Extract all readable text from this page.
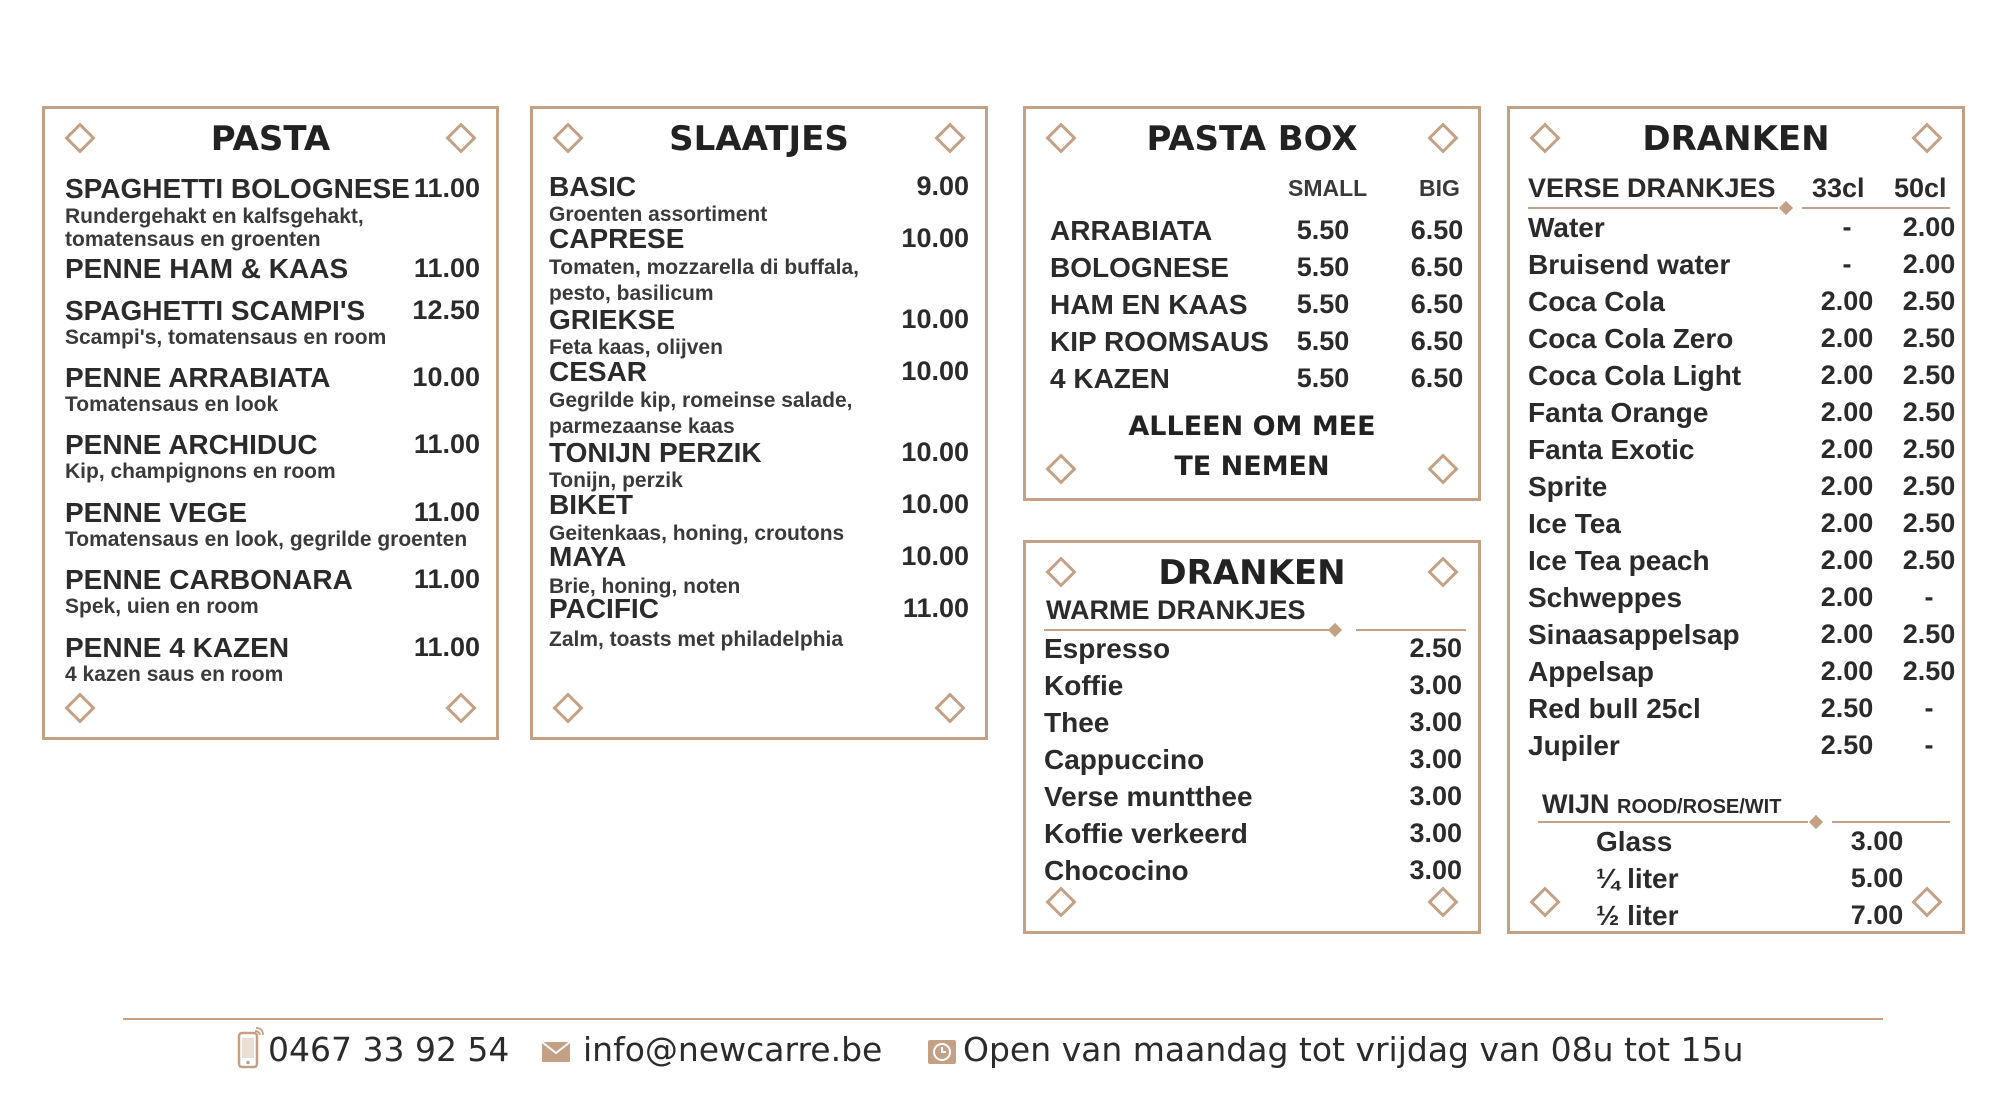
PASTA
SPAGHETTI BOLOGNESE 11.00
Rundergehakt en kalfsgehakt,
tomatensaus en groenten
PENNE HAM & KAAS 11.00
SPAGHETTI SCAMPI'S 12.50
Scampi's, tomatensaus en room
PENNE ARRABIATA	10.00
Tomatensaus en look
PENNE ARCHIDUC	11.00
Kip, champignons en room
PENNE VEGE	11.00
Tomatensaus en look, gegrilde groenten
PENNE CARBONARA 11.00
Spek, uien en room
PENNE 4 KAZEN	11.00
4 kazen saus en room
SLAATJES
BASIC	9.00
Groenten assortiment
CAPRESE	10.00
Tomaten, mozzarella di buffala,
pesto, basilicum
GRIEKSE	10.00
Feta kaas, olijven
CESAR	10.00
Gegrilde kip, romeinse salade,
parmezaanse kaas
TONIJN PERZIK	10.00
Tonijn, perzik
BIKET	10.00
Geitenkaas, honing, croutons
MAYA	10.00
Brie, honing, noten
PACIFIC	11.00
Zalm, toasts met philadelphia
PASTA BOX
SMALL BIG
ARRABIATA	5.50	6.50
BOLOGNESE	5.50	6.50
HAM EN KAAS	5.50	6.50
KIP ROOMSAUS	5.50	6.50
4 KAZEN	5.50	6.50
ALLEEN OM MEE
TE NEMEN
DRANKEN
WARME DRANKJES
Espresso	2.50
Koffie	3.00
Thee	3.00
Cappuccino	3.00
Verse muntthee	3.00
Koffie verkeerd	3.00
Chococino	3.00
DRANKEN
VERSE DRANKJES 33cl 50cl
Water	-	2.00
Bruisend water	-	2.00
Coca Cola	2.00	2.50
Coca Cola Zero	2.00	2.50
Coca Cola Light	2.00	2.50
Fanta Orange	2.00	2.50
Fanta Exotic	2.00	2.50
Sprite	2.00	2.50
Ice Tea	2.00	2.50
Ice Tea peach	2.00	2.50
Schweppes	2.00	-
Sinaasappelsap	2.00	2.50
Appelsap	2.00	2.50
Red bull 25cl	2.50	-
Jupiler	2.50	-
WIJN ROOD/ROSE/WIT
Glass	3.00
¼ liter	5.00
½ liter	7.00
0467 33 92 54 info@newcarre.be Open van maandag tot vrijdag van 08u tot 15u
